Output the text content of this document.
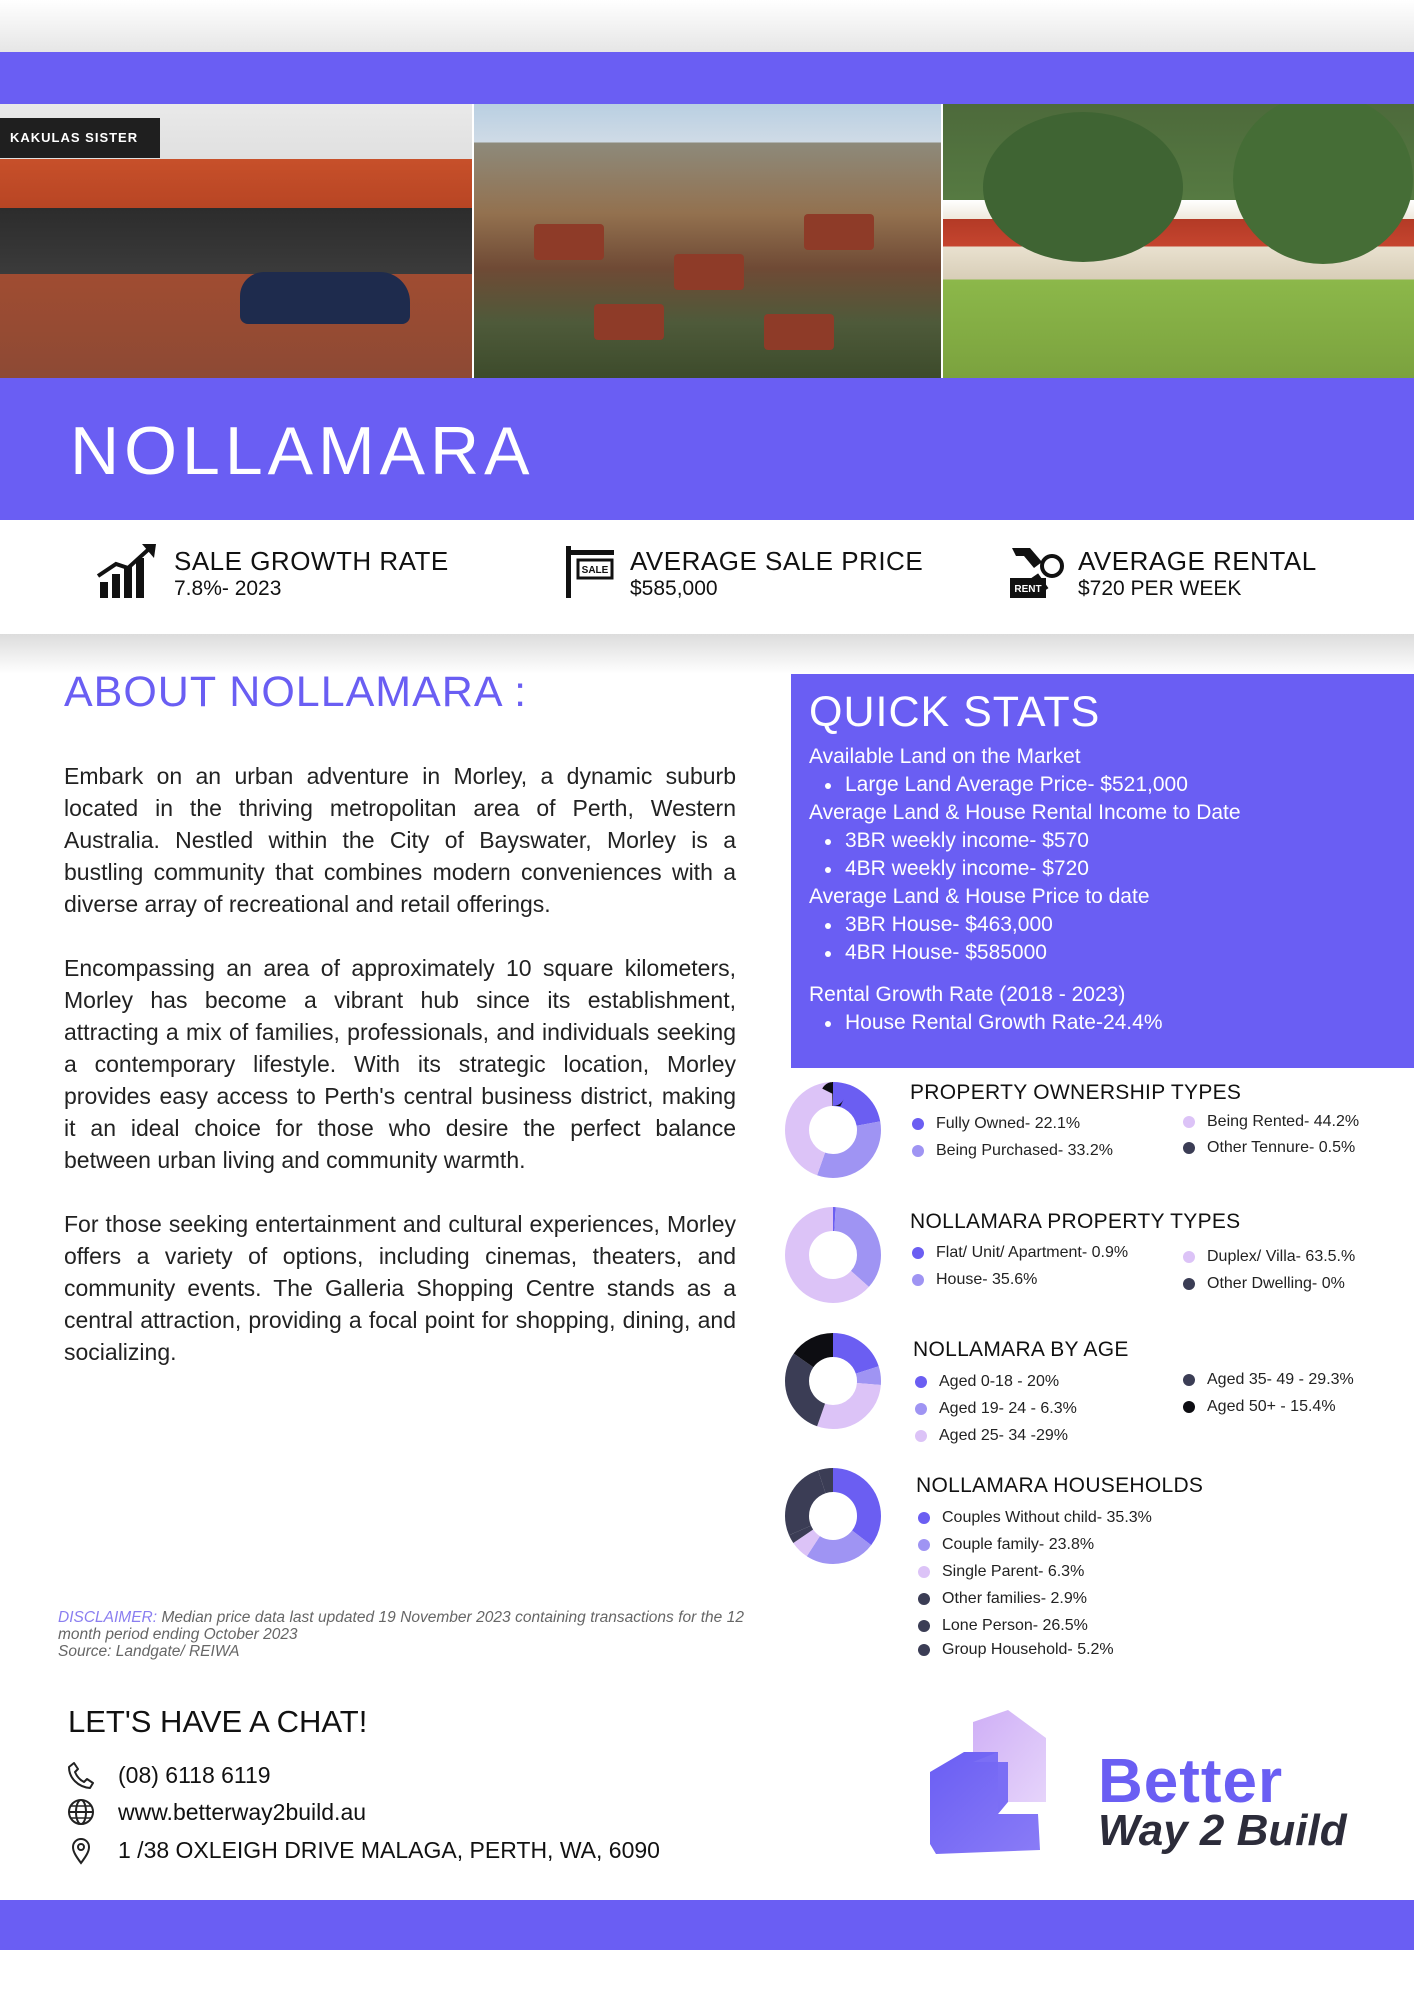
KAKULAS SISTER
NOLLAMARA
SALE GROWTH RATE
7.8%- 2023
SALE AVERAGE SALE PRICE
$585,000	RENT
AVERAGE RENTAL
$720 PER WEEK
ABOUT NOLLAMARA :

Embark on an urban adventure in Morley, a dynamic suburb located in the thriving metropolitan area of Perth, Western Australia. Nestled within the City of Bayswater, Morley is a bustling community that combines modern conveniences with a diverse array of recreational and retail offerings.

Encompassing an area of approximately 10 square kilometers, Morley has become a vibrant hub since its establishment, attracting a mix of families, professionals, and individuals seeking a contemporary lifestyle. With its strategic location, Morley provides easy access to Perth's central business district, making it an ideal choice for those who desire the perfect balance between urban living and community warmth.

For those seeking entertainment and cultural experiences, Morley offers a variety of options, including cinemas, theaters, and community events. The Galleria Shopping Centre stands as a central attraction, providing a focal point for shopping, dining, and socializing.

DISCLAIMER: Median price data last updated 19 November 2023 containing transactions for the 12 month period ending October 2023
Source: Landgate/ REIWA
QUICK STATS
Available Land on the Market
Large Land Average Price- $521,000
Average Land & House Rental Income to Date
3BR weekly income- $570
4BR weekly income- $720
Average Land & House Price to date
3BR House- $463,000
4BR House- $585000
Rental Growth Rate (2018 - 2023)
House Rental Growth Rate-24.4%
PROPERTY OWNERSHIP TYPES
Fully Owned- 22.1%
Being Purchased- 33.2%
Being Rented- 44.2%
Other Tennure- 0.5%
NOLLAMARA PROPERTY TYPES
Flat/ Unit/ Apartment- 0.9%
House- 35.6%
Duplex/ Villa- 63.5.%
Other Dwelling- 0%
NOLLAMARA BY AGE
Aged 0-18 - 20%
Aged 19- 24 - 6.3%
Aged 25- 34 -29%
Aged 35- 49 - 29.3%
Aged 50+ - 15.4%
NOLLAMARA HOUSEHOLDS
Couples Without child- 35.3%
Couple family- 23.8%
Single Parent- 6.3%
Other families- 2.9%
Lone Person- 26.5%
Group Household- 5.2%
LET'S HAVE A CHAT!
(08) 6118 6119
www.betterway2build.au
1 /38 OXLEIGH DRIVE MALAGA, PERTH, WA, 6090
Better
Way 2 Build
